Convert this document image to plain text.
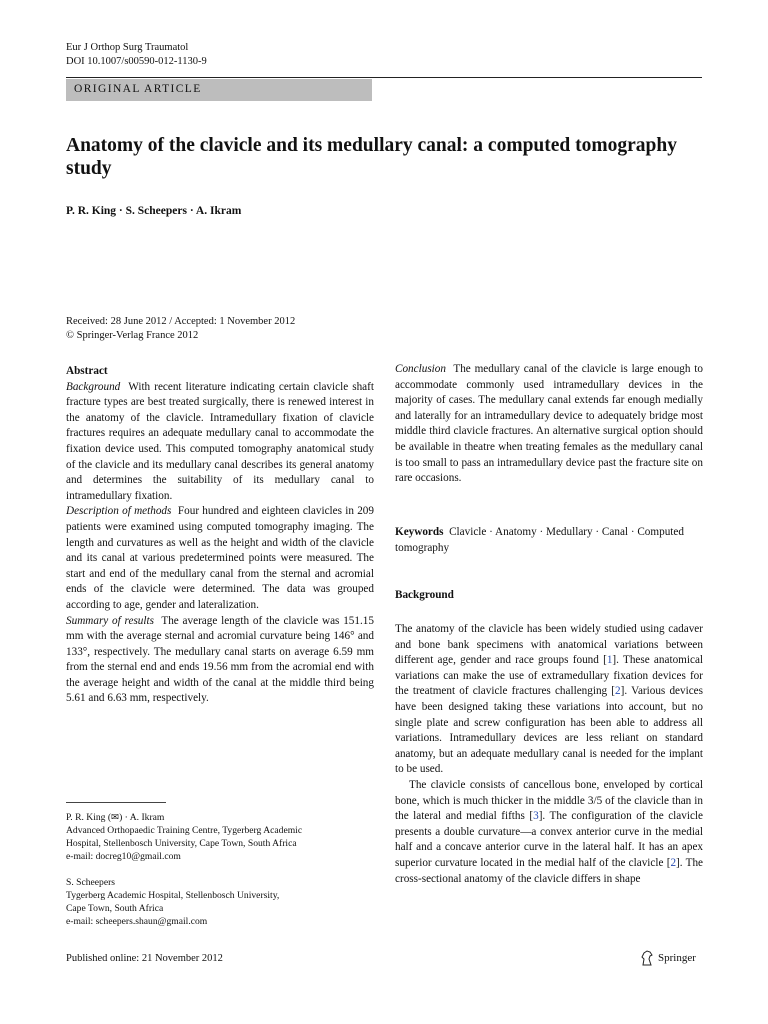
Eur J Orthop Surg Traumatol
DOI 10.1007/s00590-012-1130-9
ORIGINAL ARTICLE
Anatomy of the clavicle and its medullary canal: a computed tomography study
P. R. King · S. Scheepers · A. Ikram
Received: 28 June 2012 / Accepted: 1 November 2012
© Springer-Verlag France 2012

Abstract

Background With recent literature indicating certain clavicle shaft fracture types are best treated surgically, there is renewed interest in the anatomy of the clavicle. Intramedullary fixation of clavicle fractures requires an adequate medullary canal to accommodate the fixation device used. This computed tomography anatomical study of the clavicle and its medullary canal describes its general anatomy and determines the suitability of its medullary canal to intramedullary fixation.

Description of methods Four hundred and eighteen clavicles in 209 patients were examined using computed tomography imaging. The length and curvatures as well as the height and width of the clavicle and its canal at various predetermined points were measured. The start and end of the medullary canal from the sternal and acromial ends of the clavicle were determined. The data was grouped according to age, gender and lateralization.

Summary of results The average length of the clavicle was 151.15 mm with the average sternal and acromial curvature being 146° and 133°, respectively. The medullary canal starts on average 6.59 mm from the sternal end and ends 19.56 mm from the acromial end with the average height and width of the canal at the middle third being 5.61 and 6.63 mm, respectively.

Conclusion The medullary canal of the clavicle is large enough to accommodate commonly used intramedullary devices in the majority of cases. The medullary canal extends far enough medially and laterally for an intramedullary device to adequately bridge most middle third clavicle fractures. An alternative surgical option should be available in theatre when treating females as the medullary canal is too small to pass an intramedullary device past the fracture site on rare occasions.

Keywords Clavicle · Anatomy · Medullary · Canal · Computed tomography
Background

The anatomy of the clavicle has been widely studied using cadaver and bone bank specimens with anatomical variations between different age, gender and race groups found [1]. These anatomical variations can make the use of extramedullary fixation devices for the treatment of clavicle fractures challenging [2]. Various devices have been designed taking these variations into account, but no single plate and screw configuration has been able to address all variations. Intramedullary devices are less reliant on standard anatomy, but an adequate medullary canal is needed for the implant to be used.

The clavicle consists of cancellous bone, enveloped by cortical bone, which is much thicker in the middle 3/5 of the clavicle than in the lateral and medial fifths [3]. The configuration of the clavicle presents a double curvature—a convex anterior curve in the medial half and a concave anterior curve in the lateral half. It has an apex superior curvature located in the medial half of the clavicle [2]. The cross-sectional anatomy of the clavicle differs in shape

P. R. King (✉) · A. Ikram
Advanced Orthopaedic Training Centre, Tygerberg Academic
Hospital, Stellenbosch University, Cape Town, South Africa
e-mail: docreg10@gmail.com
S. Scheepers
Tygerberg Academic Hospital, Stellenbosch University,
Cape Town, South Africa
e-mail: scheepers.shaun@gmail.com
Published online: 21 November 2012	Springer
